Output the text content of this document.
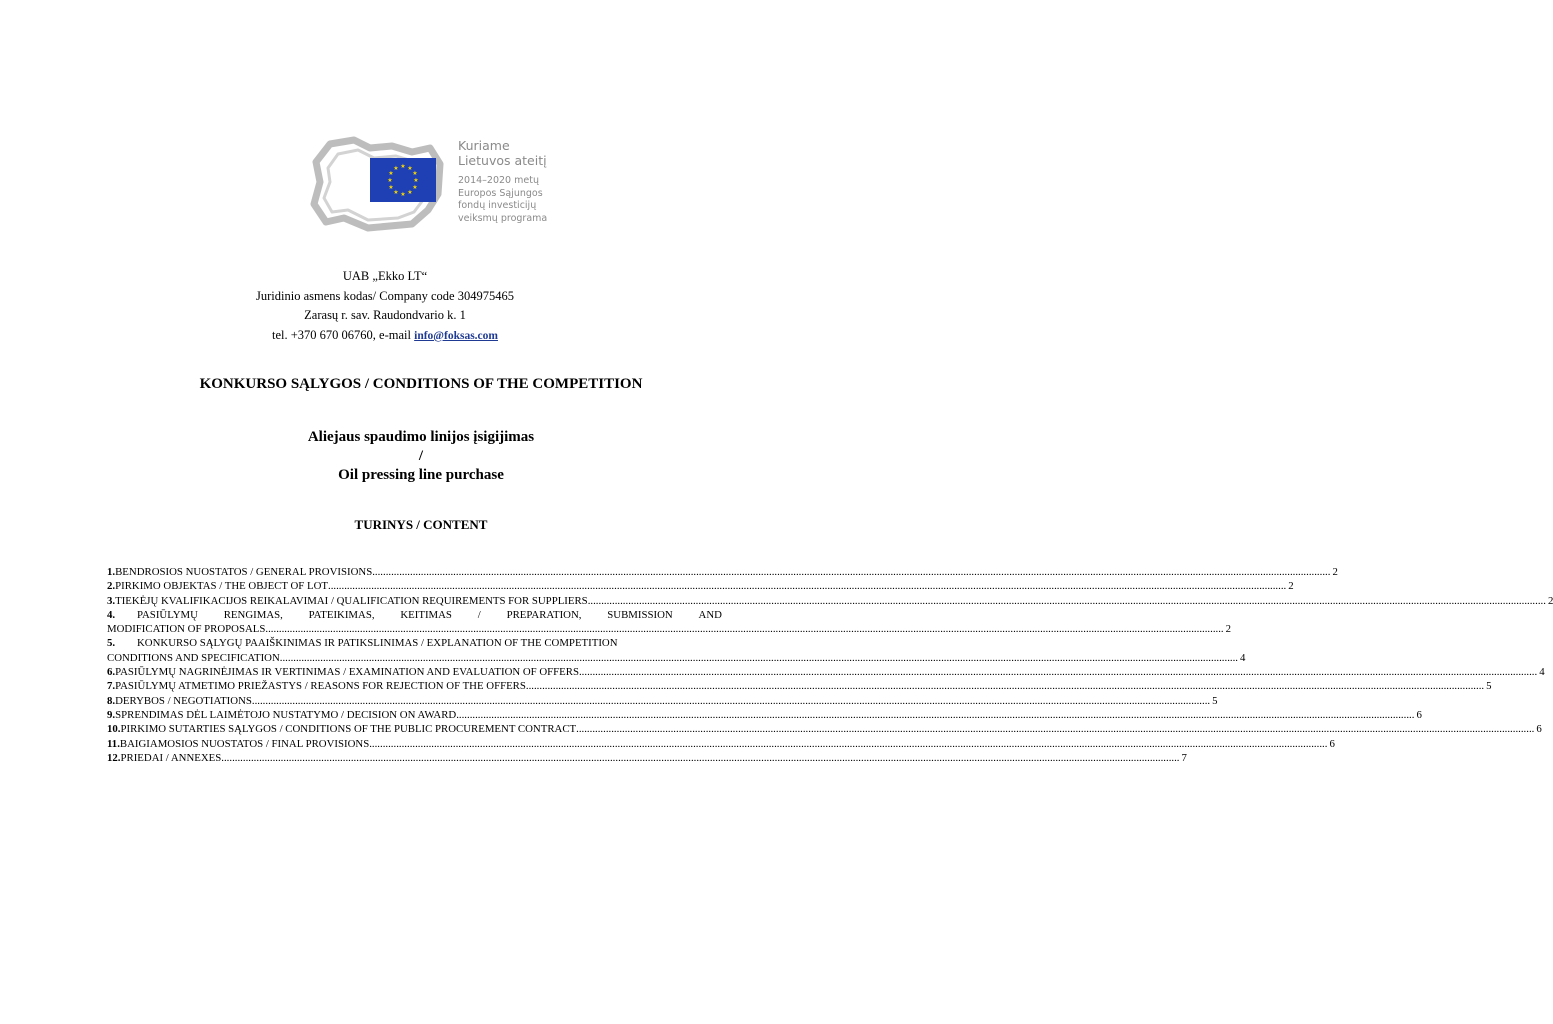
★ ★
★
★
★
★
★
★
★
★
★
★
Kuriame
Lietuvos ateitį
2014–2020 metų
Europos Sąjungos
fondų investicijų
veiksmų programa
UAB „Ekko LT“
Juridinio asmens kodas/ Company code 304975465
Zarasų r. sav. Raudondvario k. 1
tel. +370 670 06760, e-mail info@foksas.com
KONKURSO SĄLYGOS / CONDITIONS OF THE COMPETITION
Aliejaus spaudimo linijos įsigijimas
/
Oil pressing line purchase
TURINYS / CONTENT
1. BENDROSIOS NUOSTATOS / GENERAL PROVISIONS .....	2
2. PIRKIMO OBJEKTAS / THE OBJECT OF LOT .....	2
3. TIEKĖJŲ KVALIFIKACIJOS REIKALAVIMAI / QUALIFICATION REQUIREMENTS FOR SUPPLIERS .....	2
4.	PASIŪLYMŲ RENGIMAS, PATEIKIMAS, KEITIMAS / PREPARATION, SUBMISSION AND
MODIFICATION OF PROPOSALS .....	2
5.	KONKURSO SĄLYGŲ PAAIŠKINIMAS IR PATIKSLINIMAS / EXPLANATION OF THE COMPETITION
CONDITIONS AND SPECIFICATION .....	4
6. PASIŪLYMŲ NAGRINĖJIMAS IR VERTINIMAS / EXAMINATION AND EVALUATION OF OFFERS .....	4
7. PASIŪLYMŲ ATMETIMO PRIEŽASTYS / REASONS FOR REJECTION OF THE OFFERS .....	5
8. DERYBOS / NEGOTIATIONS .....	5
9. SPRENDIMAS DĖL LAIMĖTOJO NUSTATYMO / DECISION ON AWARD .....	6
10. PIRKIMO SUTARTIES SĄLYGOS / CONDITIONS OF THE PUBLIC PROCUREMENT CONTRACT .....	6
11. BAIGIAMOSIOS NUOSTATOS / FINAL PROVISIONS .....	6
12. PRIEDAI / ANNEXES .....	7
